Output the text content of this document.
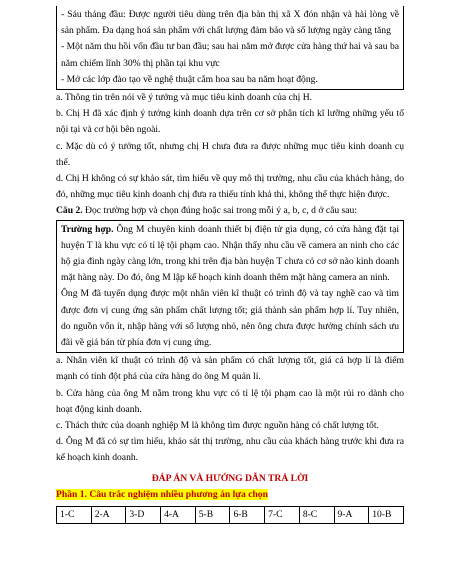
- Sáu tháng đầu: Được người tiêu dùng trên địa bàn thị xã X đón nhận và hài lòng về sản phẩm. Đa dạng hoá sản phẩm với chất lượng đảm bảo và số lượng ngày càng tăng

- Một năm thu hồi vốn đầu tư ban đầu; sau hai năm mở được cửa hàng thứ hai và sau ba năm chiếm lĩnh 30% thị phần tại khu vực

- Mở các lớp đào tạo về nghệ thuật cắm hoa sau ba năm hoạt động.

a. Thông tin trên nói về ý tưởng và mục tiêu kinh doanh của chị H.

b. Chị H đã xác định ý tưởng kinh doanh dựa trên cơ sở phân tích kĩ lưỡng những yếu tố nội tại và cơ hội bên ngoài.

c. Mặc dù có ý tưởng tốt, nhưng chị H chưa đưa ra được những mục tiêu kinh doanh cụ thể.

d. Chị H không có sự khảo sát, tìm hiểu về quy mô thị trường, nhu cầu của khách hàng, do đó, những mục tiêu kinh doanh chị đưa ra thiếu tính khả thi, không thể thực hiện được.

Câu 2. Đọc trường hợp và chọn đúng hoặc sai trong mỗi ý a, b, c, d ở câu sau:

Trường hợp. Ông M chuyên kinh doanh thiết bị điện tử gia dụng, có cửa hàng đặt tại huyện T là khu vực có tỉ lệ tội phạm cao. Nhận thấy nhu cầu về camera an ninh cho các hộ gia đình ngày càng lớn, trong khi trên địa bàn huyện T chưa có cơ sở nào kinh doanh mặt hàng này. Do đó, ông M lập kế hoạch kinh doanh thêm mặt hàng camera an ninh.

Ông M đã tuyển dụng được một nhân viên kĩ thuật có trình độ và tay nghề cao và tìm được đơn vị cung ứng sản phẩm chất lượng tốt; giá thành sản phẩm hợp lí. Tuy nhiên, do nguồn vốn ít, nhập hàng với số lượng nhỏ, nên ông chưa được hưởng chính sách ưu đãi về giá bán từ phía đơn vị cung ứng.

a. Nhân viên kĩ thuật có trình độ và sản phẩm có chất lượng tốt, giá cả hợp lí là điểm mạnh có tính đột phá của cửa hàng do ông M quản lí.

b. Cửa hàng của ông M nằm trong khu vực có tỉ lệ tội phạm cao là một rủi ro dành cho hoạt động kinh doanh.

c. Thách thức của doanh nghiệp M là không tìm được nguồn hàng có chất lượng tốt.

d. Ông M đã có sự tìm hiểu, khảo sát thị trường, nhu cầu của khách hàng trước khi đưa ra kế hoạch kinh doanh.

ĐÁP ÁN VÀ HƯỚNG DẪN TRẢ LỜI

Phần 1. Câu trắc nghiệm nhiều phương án lựa chọn

1-C	2-A	3-D	4-A	5-B	6-B	7-C	8-C	9-A	10-B
